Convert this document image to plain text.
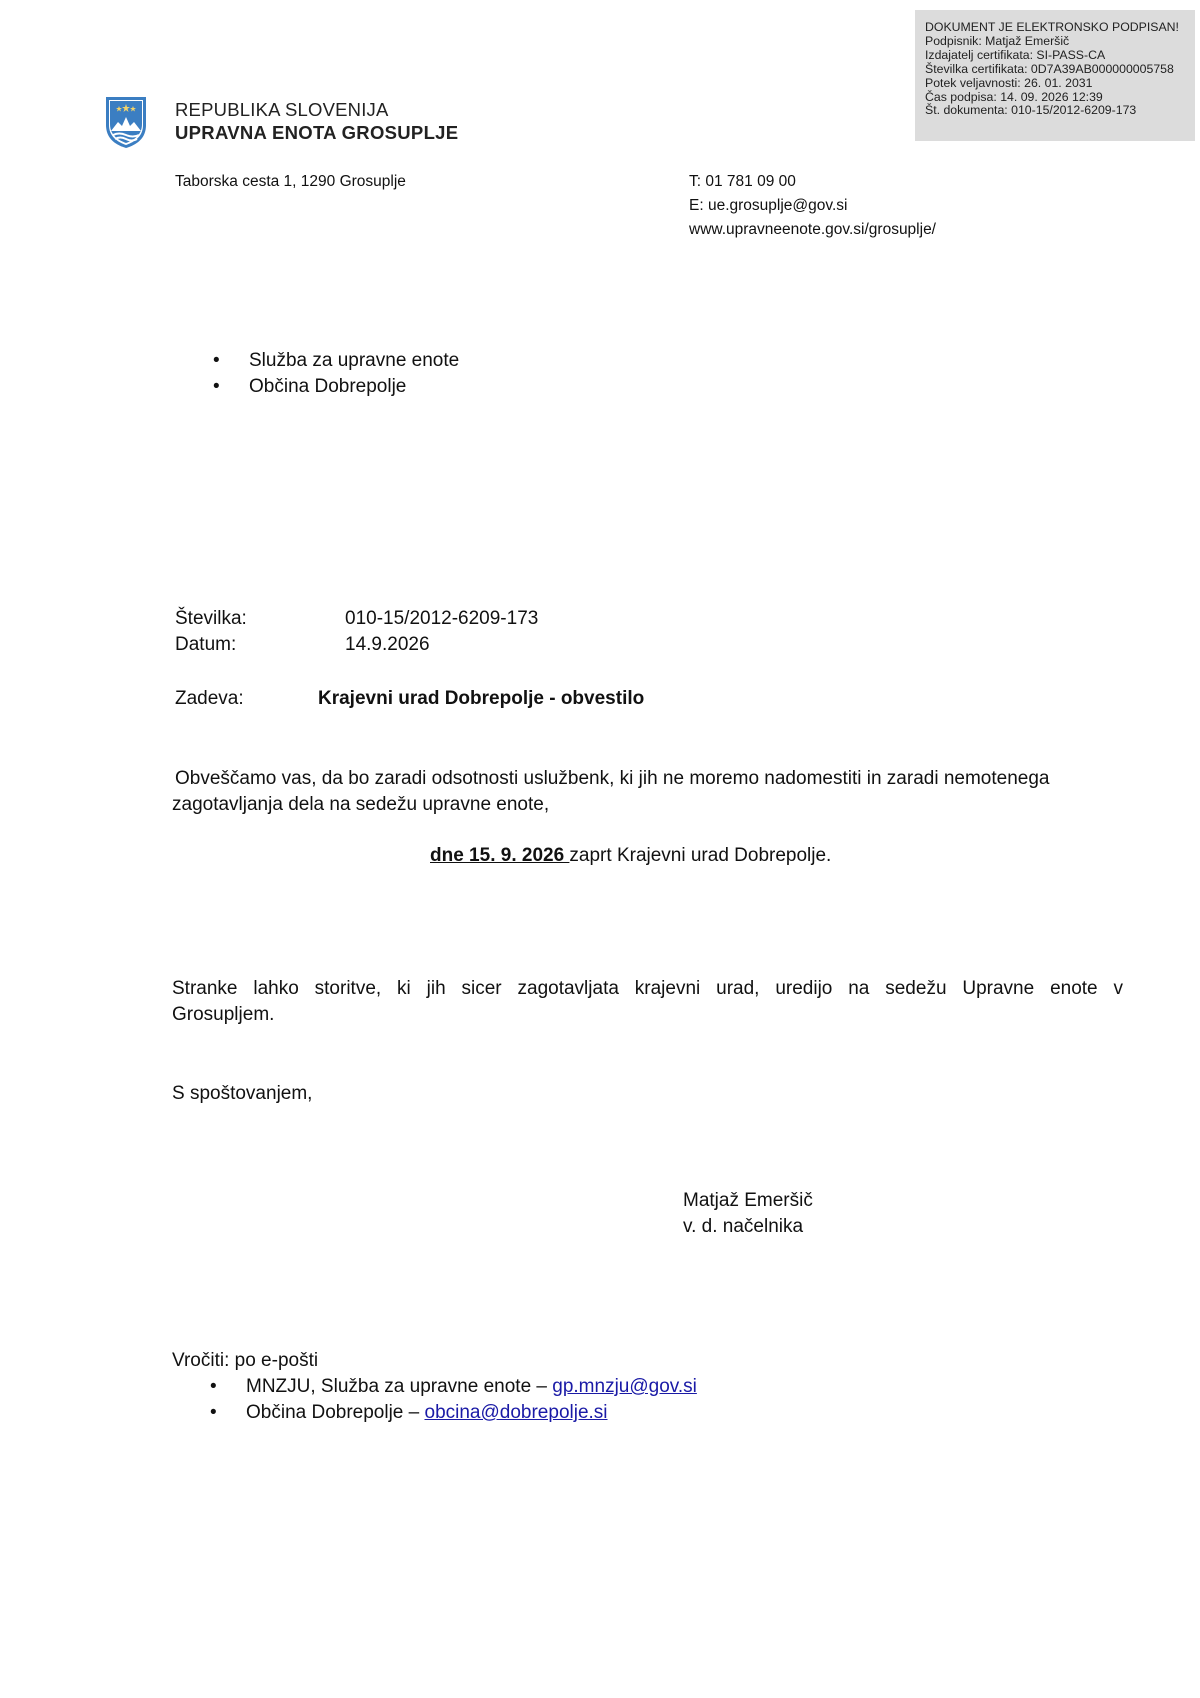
DOKUMENT JE ELEKTRONSKO PODPISAN!
Podpisnik: Matjaž Emeršič
Izdajatelj certifikata: SI-PASS-CA
Številka certifikata: 0D7A39AB000000005758
Potek veljavnosti: 26. 01. 2031
Čas podpisa: 14. 09. 2026 12:39
Št. dokumenta: 010-15/2012-6209-173
REPUBLIKA SLOVENIJA
UPRAVNA ENOTA GROSUPLJE
Taborska cesta 1, 1290 Grosuplje	T: 01 781 09 00
E: ue.grosuplje@gov.si
www.upravneenote.gov.si/grosuplje/
• Služba za upravne enote
• Občina Dobrepolje
Številka:	010-15/2012-6209-173
Datum:	14.9.2026
Zadeva:	Krajevni urad Dobrepolje - obvestilo
Obveščamo vas, da bo zaradi odsotnosti uslužbenk, ki jih ne moremo nadomestiti in zaradi nemotenega
zagotavljanja dela na sedežu upravne enote,
dne 15. 9. 2026 zaprt Krajevni urad Dobrepolje.
Stranke lahko storitve, ki jih sicer zagotavljata krajevni urad, uredijo na sedežu Upravne enote v
Grosupljem.
S spoštovanjem,
Matjaž Emeršič
v. d. načelnika
Vročiti: po e-pošti
• MNZJU, Služba za upravne enote – gp.mnzju@gov.si
• Občina Dobrepolje – obcina@dobrepolje.si
